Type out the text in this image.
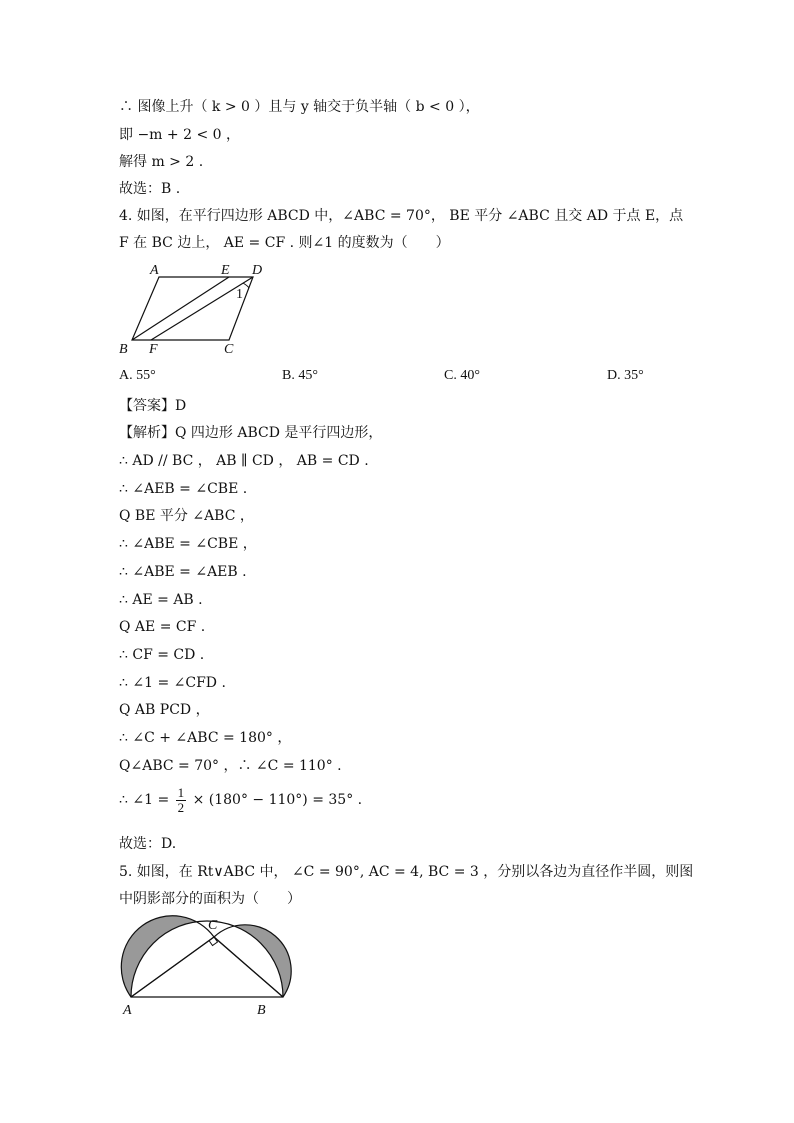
∴ 图像上升（ k > 0 ）且与 y 轴交于负半轴（ b < 0 ），
即 −m + 2 < 0 ，
解得 m > 2 .
故选：B .
4. 如图，在平行四边形 ABCD 中，∠ABC = 70°， BE 平分 ∠ABC 且交 AD 于点 E，点
F 在 BC 边上， AE = CF . 则∠1 的度数为（　　）
A	E D
B F	C
1
A. 55°	B. 45°	C. 40°	D. 35°
【答案】D
【解析】Q 四边形 ABCD 是平行四边形，
∴ AD // BC ， AB ∥ CD ， AB = CD .
∴ ∠AEB = ∠CBE .
Q BE 平分 ∠ABC ，
∴ ∠ABE = ∠CBE ，
∴ ∠ABE = ∠AEB .
∴ AE = AB .
Q AE = CF .
∴ CF = CD .
∴ ∠1 = ∠CFD .
Q AB PCD ，
∴ ∠C + ∠ABC = 180° ，
Q∠ABC = 70° ，∴ ∠C = 110° .
∴ ∠1 = $\frac{1}{2} \times (180^\circ - 110^\circ) = 35^\circ$ .
故选：D.
5. 如图，在 Rt∨ABC 中， ∠C = 90°, AC = 4, BC = 3 ，分别以各边为直径作半圆，则图
中阴影部分的面积为（　　）
C
A	B
